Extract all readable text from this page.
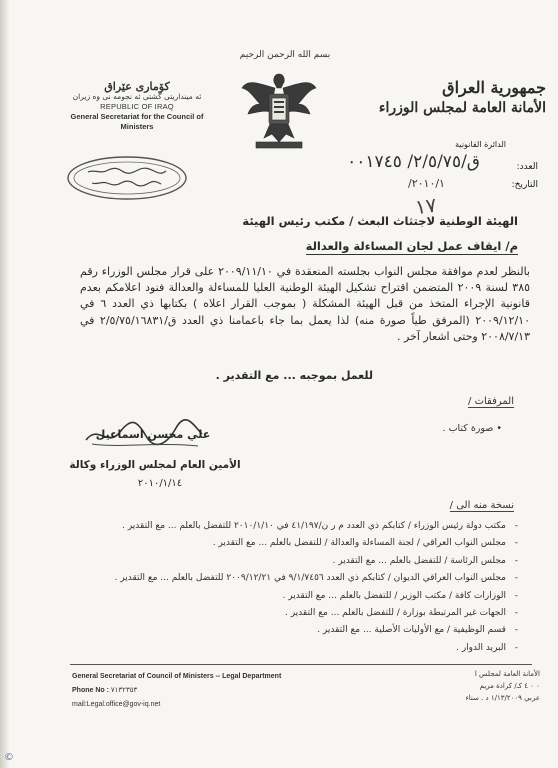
بسم الله الرحمن الرحيم
جمهورية العراق
الأمانة العامة لمجلس الوزراء
كۆماری عێراق
ئه مینداریتی گشتی ئه نجومه نی وه زیران
REPUBLIC OF IRAQ
General Secretariat for the Council of Ministers
الدائرة القانونية
العدد:
التاريخ:
ق/٢/٥/٧٥/ ٠٠١٧٤٥
٢٠١٠/١/
١٧
الهيئة الوطنية لاجتثاث البعث / مكتب رئيس الهيئة
م/ ايقاف عمل لجان المساءلة والعدالة
بالنظر لعدم موافقة مجلس النواب بجلسته المنعقدة في ٢٠٠٩/١١/١٠ على قرار مجلس الوزراء رقم ٣٨٥ لسنة ٢٠٠٩ المتضمن اقتراح تشكيل الهيئة الوطنية العليا للمساءلة والعدالة فنود اعلامكم بعدم قانونية الإجراء المتخذ من قبل الهيئة المشكلة ( بموجب القرار اعلاه ) بكتابها ذي العدد ٦ في ٢٠٠٩/١٢/١٠ (المرفق طياً صورة منه) لذا يعمل بما جاء باعمامنا ذي العدد ق/٢/٥/٧٥/١٦٨٣١ في ٢٠٠٨/٧/١٣ وحتى اشعار آخر .
للعمل بموجبه ... مع التقدير .
المرفقات /
• صورة كتاب .
علي محسن اسماعيل
الأمين العام لمجلس الوزراء وكالة
٢٠١٠/١/١٤
نسخة منه الى /
- مكتب دولة رئيس الوزراء / كتابكم ذي العدد م ر ن/٤١/١٩٧ في ٢٠١٠/١/١٠ للتفضل بالعلم ... مع التقدير .
- مجلس النواب العراقي / لجنة المساءلة والعدالة / للتفضل بالعلم ... مع التقدير .
- مجلس الرئاسة / للتفضل بالعلم ... مع التقدير .
- مجلس النواب العراقي الديوان / كتابكم ذي العدد ٩/١/٧٤٥٦ في ٢٠٠٩/١٢/٢١ للتفضل بالعلم ... مع التقدير .
- الوزارات كافة / مكتب الوزير / للتفضل بالعلم ... مع التقدير .
- الجهات غير المرتبطة بوزارة / للتفضل بالعلم ... مع التقدير .
- قسم الوظيفية / مع الأوليات الأصلية ... مع التقدير .
- البريد الدوار .
General Secretariat of Council of Ministers -- Legal Department
Phone No : ٧١٣٢٣٥٣
mail:Legal.office@gov-iq.net
الأمانة العامة لمجلس ا
٠ ٠ ٤ كـ/ كرادة مريم
عربي ١/١٣/٢٠٠٩ د . سناء
©
